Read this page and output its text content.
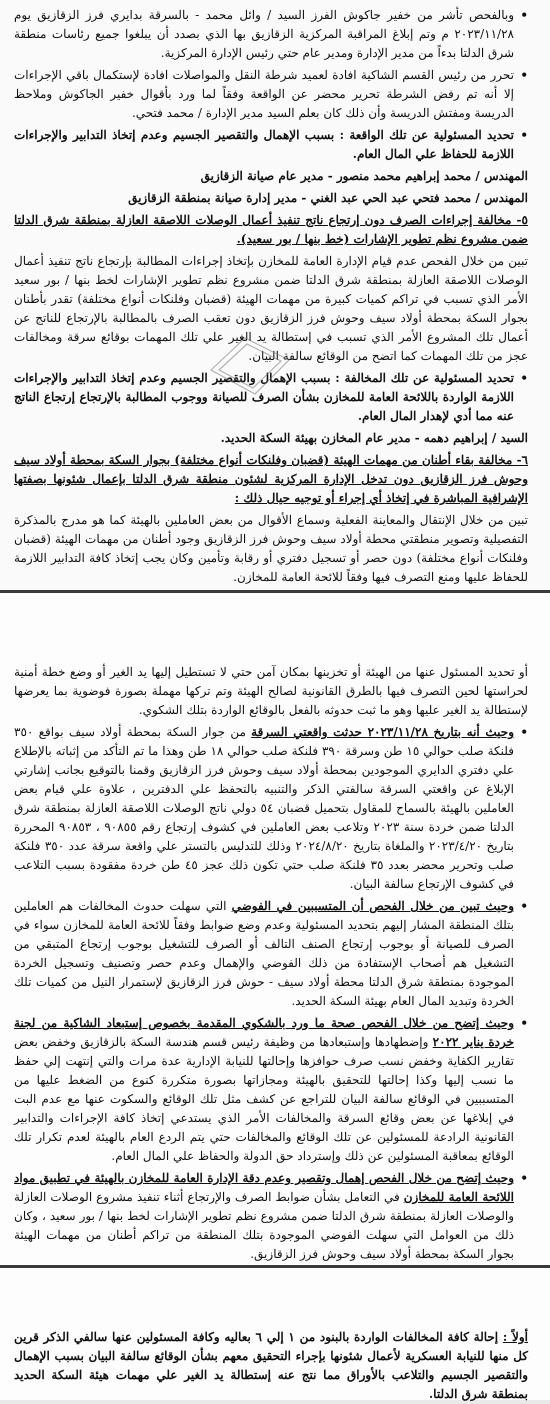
•
وبالفحص تأشر من خفير جاكوش الفرز السيد / وائل محمد - بالسرقة بدايري فرز الزقازيق يوم ٢٠٢٣/١١/٢٨ م وتم إبلاغ المراقبة المركزية الزقازيق بها الذي بصدد أن يبلغوا جميع رئاسات منطقة شرق الدلتا بدءاً من مدير الإدارة ومدير عام حتي رئيس الإدارة المركزية.
•
تحرر من رئيس القسم الشاكية افادة لعميد شرطة النقل والمواصلات افادة لإستكمال باقي الإجراءات إلا أنه تم رفض الشرطة تحرير محضر عن الواقعة وفقاً لما ورد بأقوال خفير الجاكوش وملاحظ الدريسة ومفتش الدريسة وأن ذلك كان بعلم السيد مدير الإدارة / محمد فتحي.
•
تحديد المسئولية عن تلك الواقعة : بسبب الإهمال والتقصير الجسيم وعدم إتخاذ التدابير والإجراءات اللازمة للحفاظ علي المال العام.
المهندس / محمد إبراهيم محمد منصور - مدير عام صيانة الزقازيق
المهندس / محمد فتحي عبد الحي عبد الغني - مدير إدارة صيانة بمنطقة الزقازيق
٥- مخالفة إجراءات الصرف دون إرتجاع ناتج تنفيذ أعمال الوصلات اللاصقة العازلة بمنطقة شرق الدلتا ضمن مشروع نظم تطوير الإشارات (خط بنها / بور سعيد).
تبين من خلال الفحص عدم قيام الإدارة العامة للمخازن بإتخاذ إجراءات المطالبة بإرتجاع ناتج تنفيذ أعمال الوصلات اللاصقة العازلة بمنطقة شرق الدلتا ضمن مشروع نظم تطوير الإشارات لخط بنها / بور سعيد الأمر الذي تسبب في تراكم كميات كبيرة من مهمات الهيئة (قضبان وفلنكات أنواع مختلفة) تقدر بأطنان بجوار السكة بمحطة أولاد سيف وحوش فرز الزقازيق دون تعقب الصرف بالمطالبة بالإرتجاع للناتج عن أعمال تلك المشروع الأمر الذي تسبب في إستطالة يد الغير علي تلك المهمات بوقائع سرقة ومخالفات عجز من تلك المهمات كما اتضح من الوقائع سالفة البيان.
•
تحديد المسئولية عن تلك المخالفة : بسبب الإهمال والتقصير الجسيم وعدم إتخاذ التدابير والإجراءات اللازمة الواردة باللائحة العامة للمخازن بشأن الصرف للصيانة ووجوب المطالبة بالإرتجاع إرتجاع الناتج عنه مما أدي لإهدار المال العام.
السيد / إبراهيم دهمه - مدير عام المخازن بهيئة السكة الحديد.
٦- مخالفة بقاء أطنان من مهمات الهيئة (قضبان وفلنكات أنواع مختلفة) بجوار السكة بمحطة أولاد سيف وحوش فرز الزقازيق دون تدخل الإدارة المركزية لشئون منطقة شرق الدلتا بإعمال شئونها بصفتها الإشرافية المباشرة في إتخاذ أي إجراء أو توجيه حيال ذلك :
تبين من خلال الإنتقال والمعاينة الفعلية وسماع الأقوال من بعض العاملين بالهيئة كما هو مدرج بالمذكرة التفصيلية وتصوير منطقتي محطة أولاد سيف وحوش فرز الزقازيق وجود أطنان من مهمات الهيئة (قضبان وفلنكات أنواع مختلفة) دون حصر أو تسجيل دفتري أو رقابة وتأمين وكان يجب إتخاذ كافة التدابير اللازمة للحفاظ عليها ومنع التصرف فيها وفقاً للائحة العامة للمخازن.
أو تحديد المسئول عنها من الهيئة أو تخزينها بمكان آمن حتي لا تستطيل إليها يد الغير أو وضع خطة أمنية لحراستها لحين التصرف فيها بالطرق القانونية لصالح الهيئة وتم تركها مهملة بصورة فوضوية بما يعرضها لإستطالة يد الغير عليها وهو ما ثبت حدوثه بالفعل بالوقائع الواردة بتلك الشكوي.
•
وحيث أنه بتاريخ ٢٠٢٣/١١/٢٨ حدثت واقعتي السرقة من جوار السكة بمحطة أولاد سيف بواقع ٣٥٠ فلنكة صلب حوالي ١٥ طن وسرقة ٣٩٠ فلنكة صلب حوالي ١٨ طن وهذا ما تم التأكد من إثباته بالإطلاع علي دفتري الدايري الموجودين بمحطة أولاد سيف وحوش فرز الزقازيق وقمنا بالتوقيع بجانب إشارتي الإبلاغ عن واقعتي السرقة سالفتي الذكر والتنبيه بالتحفظ علي الدفترين ، علاوة علي قيام بعض العاملين بالهيئة بالسماح للمقاول بتحميل قضبان ٥٤ دولي ناتج الوصلات اللاصقة العازلة بمنطقة شرق الدلتا ضمن خردة سنة ٢٠٢٣ وتلاعب بعض العاملين في كشوف إرتجاع رقم ٩٠٨٥٥ ، ٩٠٨٥٣ المحررة بتاريخ ٢٠٢٣/٤/٢٠ والملغاة بتاريخ ٢٠٢٤/٨/٢٠ وذلك للتدليس بالتستر علي واقعة سرقة عدد ٣٥٠ فلنكة صلب وتحرير محضر بعدد ٣٥ فلنكة صلب حتي تكون ذلك عجز ٤٥ طن خردة مفقودة بسبب التلاعب في كشوف الإرتجاع سالفة البيان.
•
وحيث تبين من خلال الفحص أن المتسببين في الفوضي التي سهلت حدوث المخالفات هم العاملين بتلك المنطقة المشار إليهم بتحديد المسئولية وعدم وضع ضوابط وفقاً للائحة العامة للمخازن سواء في الصرف للصيانة أو بوجوب إرتجاع الصنف التالف أو الصرف للتشغيل بوجوب إرتجاع المتبقي من التشغيل هم أصحاب الإستفادة من ذلك الفوضي والإهمال وعدم حصر وتصنيف وتسجيل الخردة الموجودة بمنطقة شرق الدلتا محطة أولاد سيف - حوش فرز الزقازيق لإستمرار النيل من كميات تلك الخردة وتبديد المال العام بهيئة السكة الحديد.
•
وحيث إتضح من خلال الفحص صحة ما ورد بالشكوي المقدمة بخصوص إستبعاد الشاكية من لجنة خردة يناير ٢٠٢٢ وإضطهادها وإستبعادها من وظيفة رئيس قسم هندسة السكة بالزقازيق وخفض بعض تقارير الكفاية وخفض نسب صرف حوافزها وإحالتها للنيابة الإدارية عدة مرات والتي إنتهت إلي حفظ ما نسب إليها وكذا إحالتها للتحقيق بالهيئة ومجازاتها بصورة متكررة كنوع من الضغط عليها من المتسببين في الوقائع سالفة البيان للتراجع عن كشف مثل تلك الوقائع والسكوت عنها مع عدم البت في إبلاغها عن بعض وقائع السرقة والمخالفات الأمر الذي يستدعي إتخاذ كافة الإجراءات والتدابير القانونية الرادعة للمسئولين عن تلك الوقائع والمخالفات حتي يتم الردع العام بالهيئة لعدم تكرار تلك الوقائع بمعاقبة المسئولين عن ذلك وإسترداد حق الدولة والحفاظ علي المال العام.
•
وحيث إتضح من خلال الفحص إهمال وتقصير وعدم دقة الإدارة العامة للمخازن بالهيئة في تطبيق مواد اللائحة العامة للمخازن في التعامل بشأن ضوابط الصرف والإرتجاع أثناء تنفيذ مشروع الوصلات العازلة والوصلات العازلة بمنطقة شرق الدلتا ضمن مشروع نظم تطوير الإشارات لخط بنها / بور سعيد ، وكان ذلك من العوامل التي سهلت الفوضي الموجودة بتلك المنطقة من تراكم أطنان من مهمات الهيئة بجوار السكة بمحطة أولاد سيف وحوش فرز الزقازيق.
أولاً : إحالة كافة المخالفات الواردة بالبنود من ١ إلي ٦ بعاليه وكافة المسئولين عنها سالفي الذكر قرين كل منها للنيابة العسكرية لأعمال شئونها بإجراء التحقيق معهم بشأن الوقائع سالفة البيان بسبب الإهمال والتقصير الجسيم والتلاعب بالأوراق مما نتج عنه إستطالة يد الغير علي مهمات هيئة السكة الحديد بمنطقة شرق الدلتا.
